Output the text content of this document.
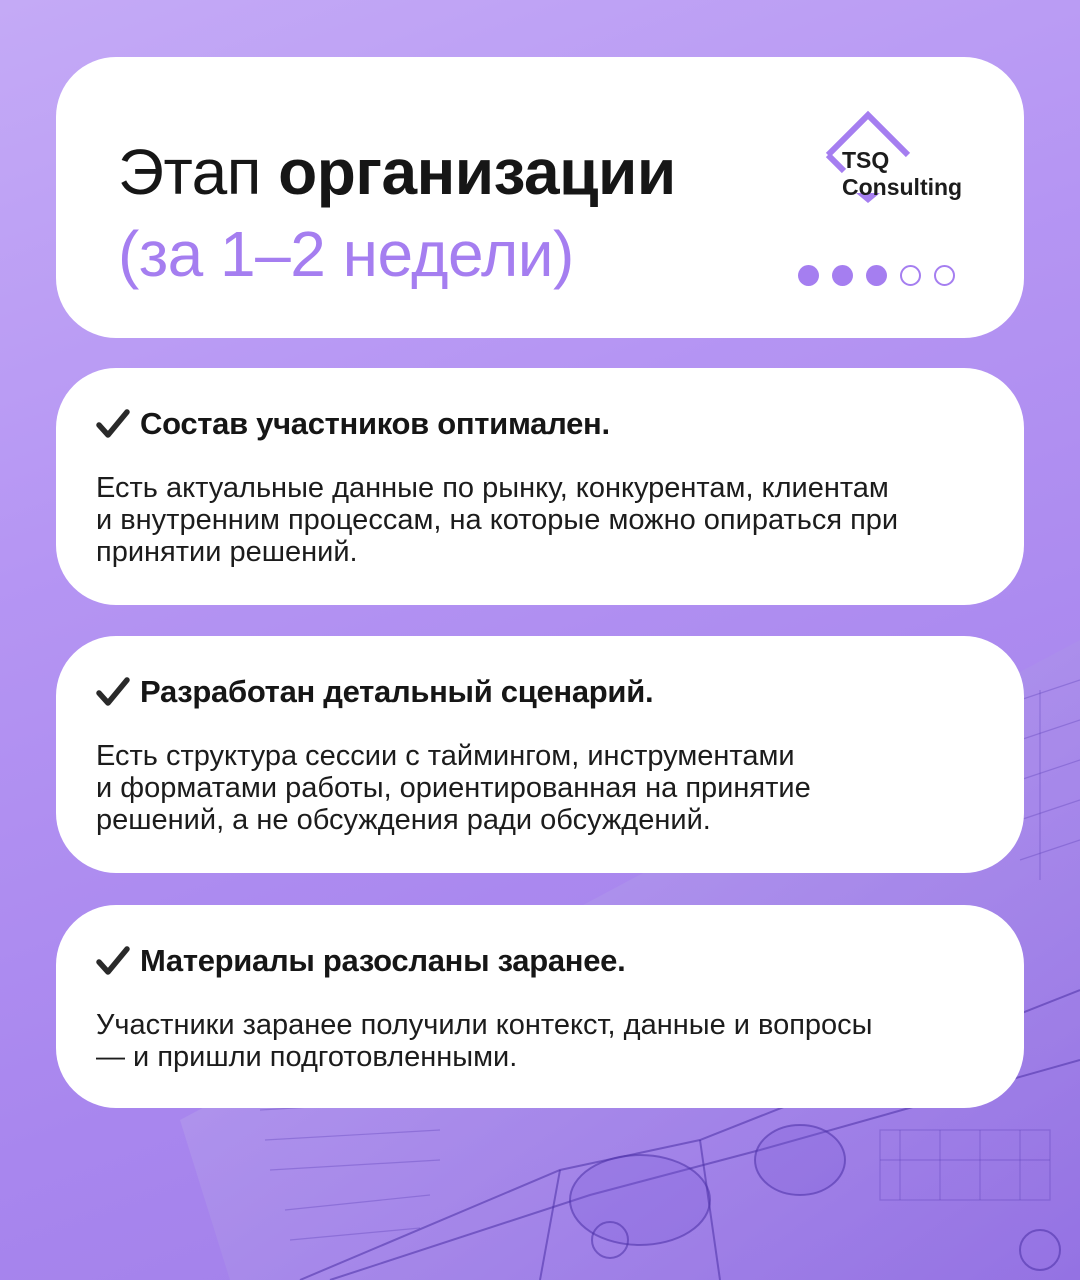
Этап организации
(за 1–2 недели)
TSQ
Consulting
Состав участников оптимален.

Есть актуальные данные по рынку, конкурентам, клиентам
и внутренним процессам, на которые можно опираться при
принятии решений.

Разработан детальный сценарий.

Есть структура сессии с таймингом, инструментами
и форматами работы, ориентированная на принятие
решений, а не обсуждения ради обсуждений.

Материалы разосланы заранее.

Участники заранее получили контекст, данные и вопросы
— и пришли подготовленными.
